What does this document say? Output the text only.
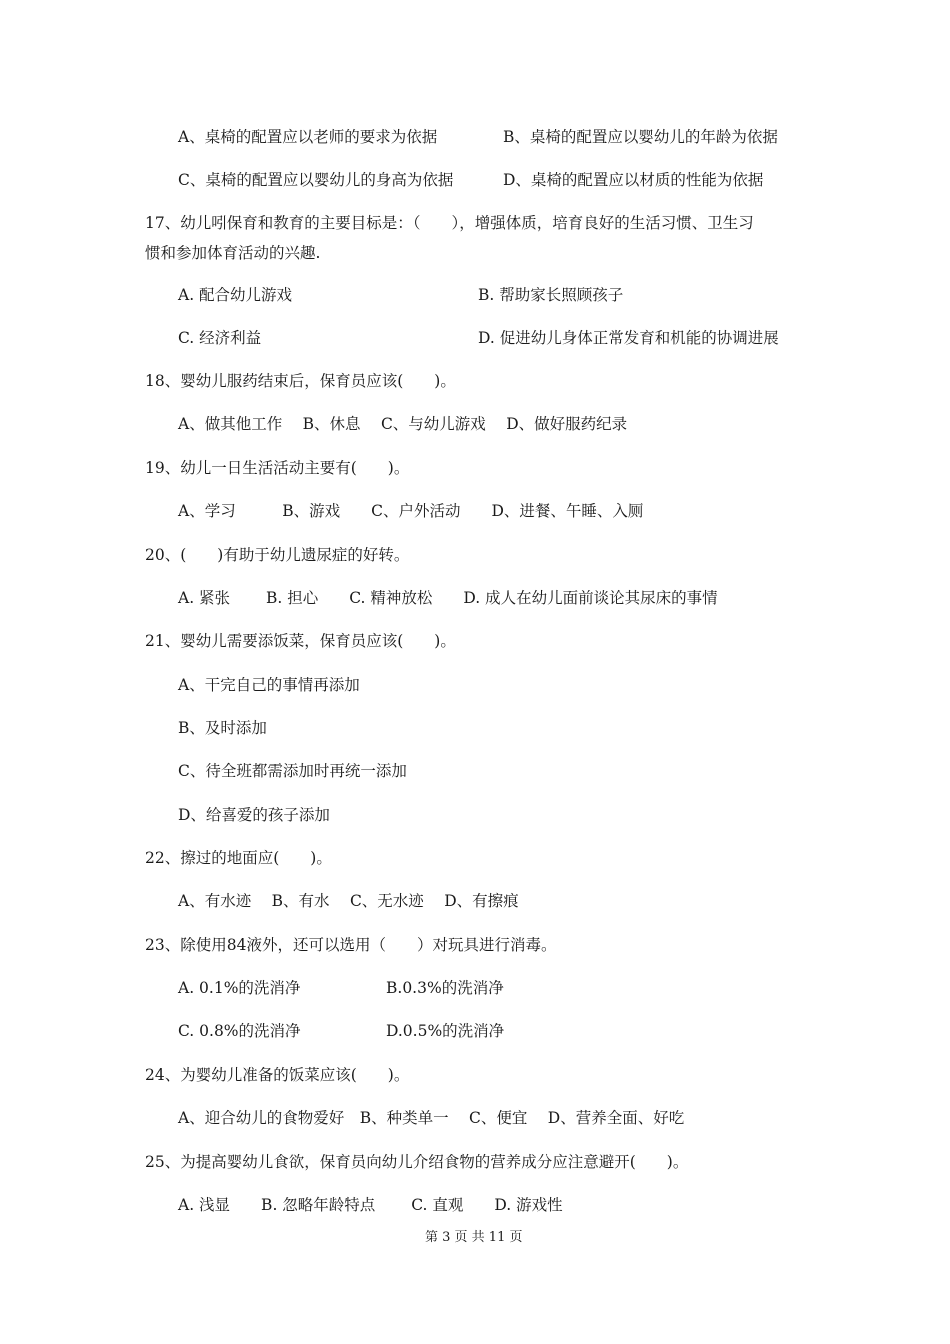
A、桌椅的配置应以老师的要求为依据	B、桌椅的配置应以婴幼儿的年龄为依据
C、桌椅的配置应以婴幼儿的身高为依据	D、桌椅的配置应以材质的性能为依据
17、幼儿吲保育和教育的主要目标是：（　　），增强体质，培育良好的生活习惯、卫生习
惯和参加体育活动的兴趣.
A. 配合幼儿游戏	B. 帮助家长照顾孩子
C. 经济利益	D. 促进幼儿身体正常发育和机能的协调进展
18、婴幼儿服药结束后，保育员应该(　　)。
A、做其他工作　 B、休息　 C、与幼儿游戏　 D、做好服药纪录
19、幼儿一日生活活动主要有(　　)。
A、学习　　　B、游戏　　C、户外活动　　D、进餐、午睡、入厕
20、(　　)有助于幼儿遗尿症的好转。
A. 紧张　　 B. 担心　　C. 精神放松　　D. 成人在幼儿面前谈论其尿床的事情
21、婴幼儿需要添饭菜，保育员应该(　　)。
A、干完自己的事情再添加
B、及时添加
C、待全班都需添加时再统一添加
D、给喜爱的孩子添加
22、擦过的地面应(　　)。
A、有水迹　 B、有水　 C、无水迹　 D、有擦痕
23、除使用84液外，还可以选用（　　）对玩具进行消毒。
A. 0.1%的洗消净	B.0.3%的洗消净
C. 0.8%的洗消净	D.0.5%的洗消净
24、为婴幼儿准备的饭菜应该(　　)。
A、迎合幼儿的食物爱好　B、种类单一　 C、便宜　 D、营养全面、好吃
25、为提高婴幼儿食欲，保育员向幼儿介绍食物的营养成分应注意避开(　　)。
A. 浅显　　B. 忽略年龄特点　　 C. 直观　　D. 游戏性
第 3 页 共 11 页
